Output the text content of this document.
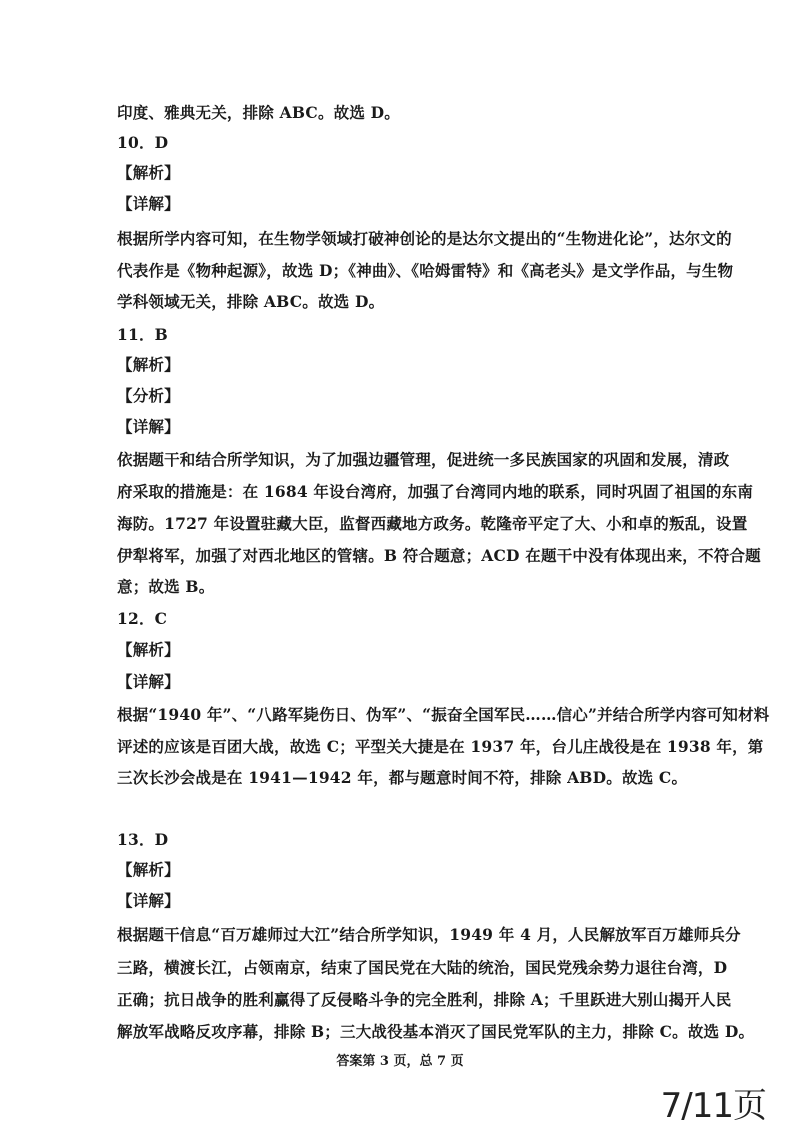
印度、雅典无关，排除 ABC。故选 D。
10．D
【解析】
【详解】
根据所学内容可知，在生物学领域打破神创论的是达尔文提出的“生物进化论”，达尔文的
代表作是《物种起源》，故选 D；《神曲》、《哈姆雷特》和《高老头》是文学作品，与生物
学科领域无关，排除 ABC。故选 D。
11．B
【解析】
【分析】
【详解】
依据题干和结合所学知识，为了加强边疆管理，促进统一多民族国家的巩固和发展，清政
府采取的措施是：在 1684 年设台湾府，加强了台湾同内地的联系，同时巩固了祖国的东南
海防。1727 年设置驻藏大臣，监督西藏地方政务。乾隆帝平定了大、小和卓的叛乱，设置
伊犁将军，加强了对西北地区的管辖。B 符合题意；ACD 在题干中没有体现出来，不符合题
意；故选 B。
12．C
【解析】
【详解】
根据“1940 年”、“八路军毙伤日、伪军”、“振奋全国军民……信心”并结合所学内容可知材料
评述的应该是百团大战，故选 C；平型关大捷是在 1937 年，台儿庄战役是在 1938 年，第
三次长沙会战是在 1941—1942 年，都与题意时间不符，排除 ABD。故选 C。
13．D
【解析】
【详解】
根据题干信息“百万雄师过大江”结合所学知识，1949 年 4 月，人民解放军百万雄师兵分
三路，横渡长江，占领南京，结束了国民党在大陆的统治，国民党残余势力退往台湾，D
正确；抗日战争的胜利赢得了反侵略斗争的完全胜利，排除 A；千里跃进大别山揭开人民
解放军战略反攻序幕，排除 B；三大战役基本消灭了国民党军队的主力，排除 C。故选 D。
答案第 3 页，总 7 页
7/11页
